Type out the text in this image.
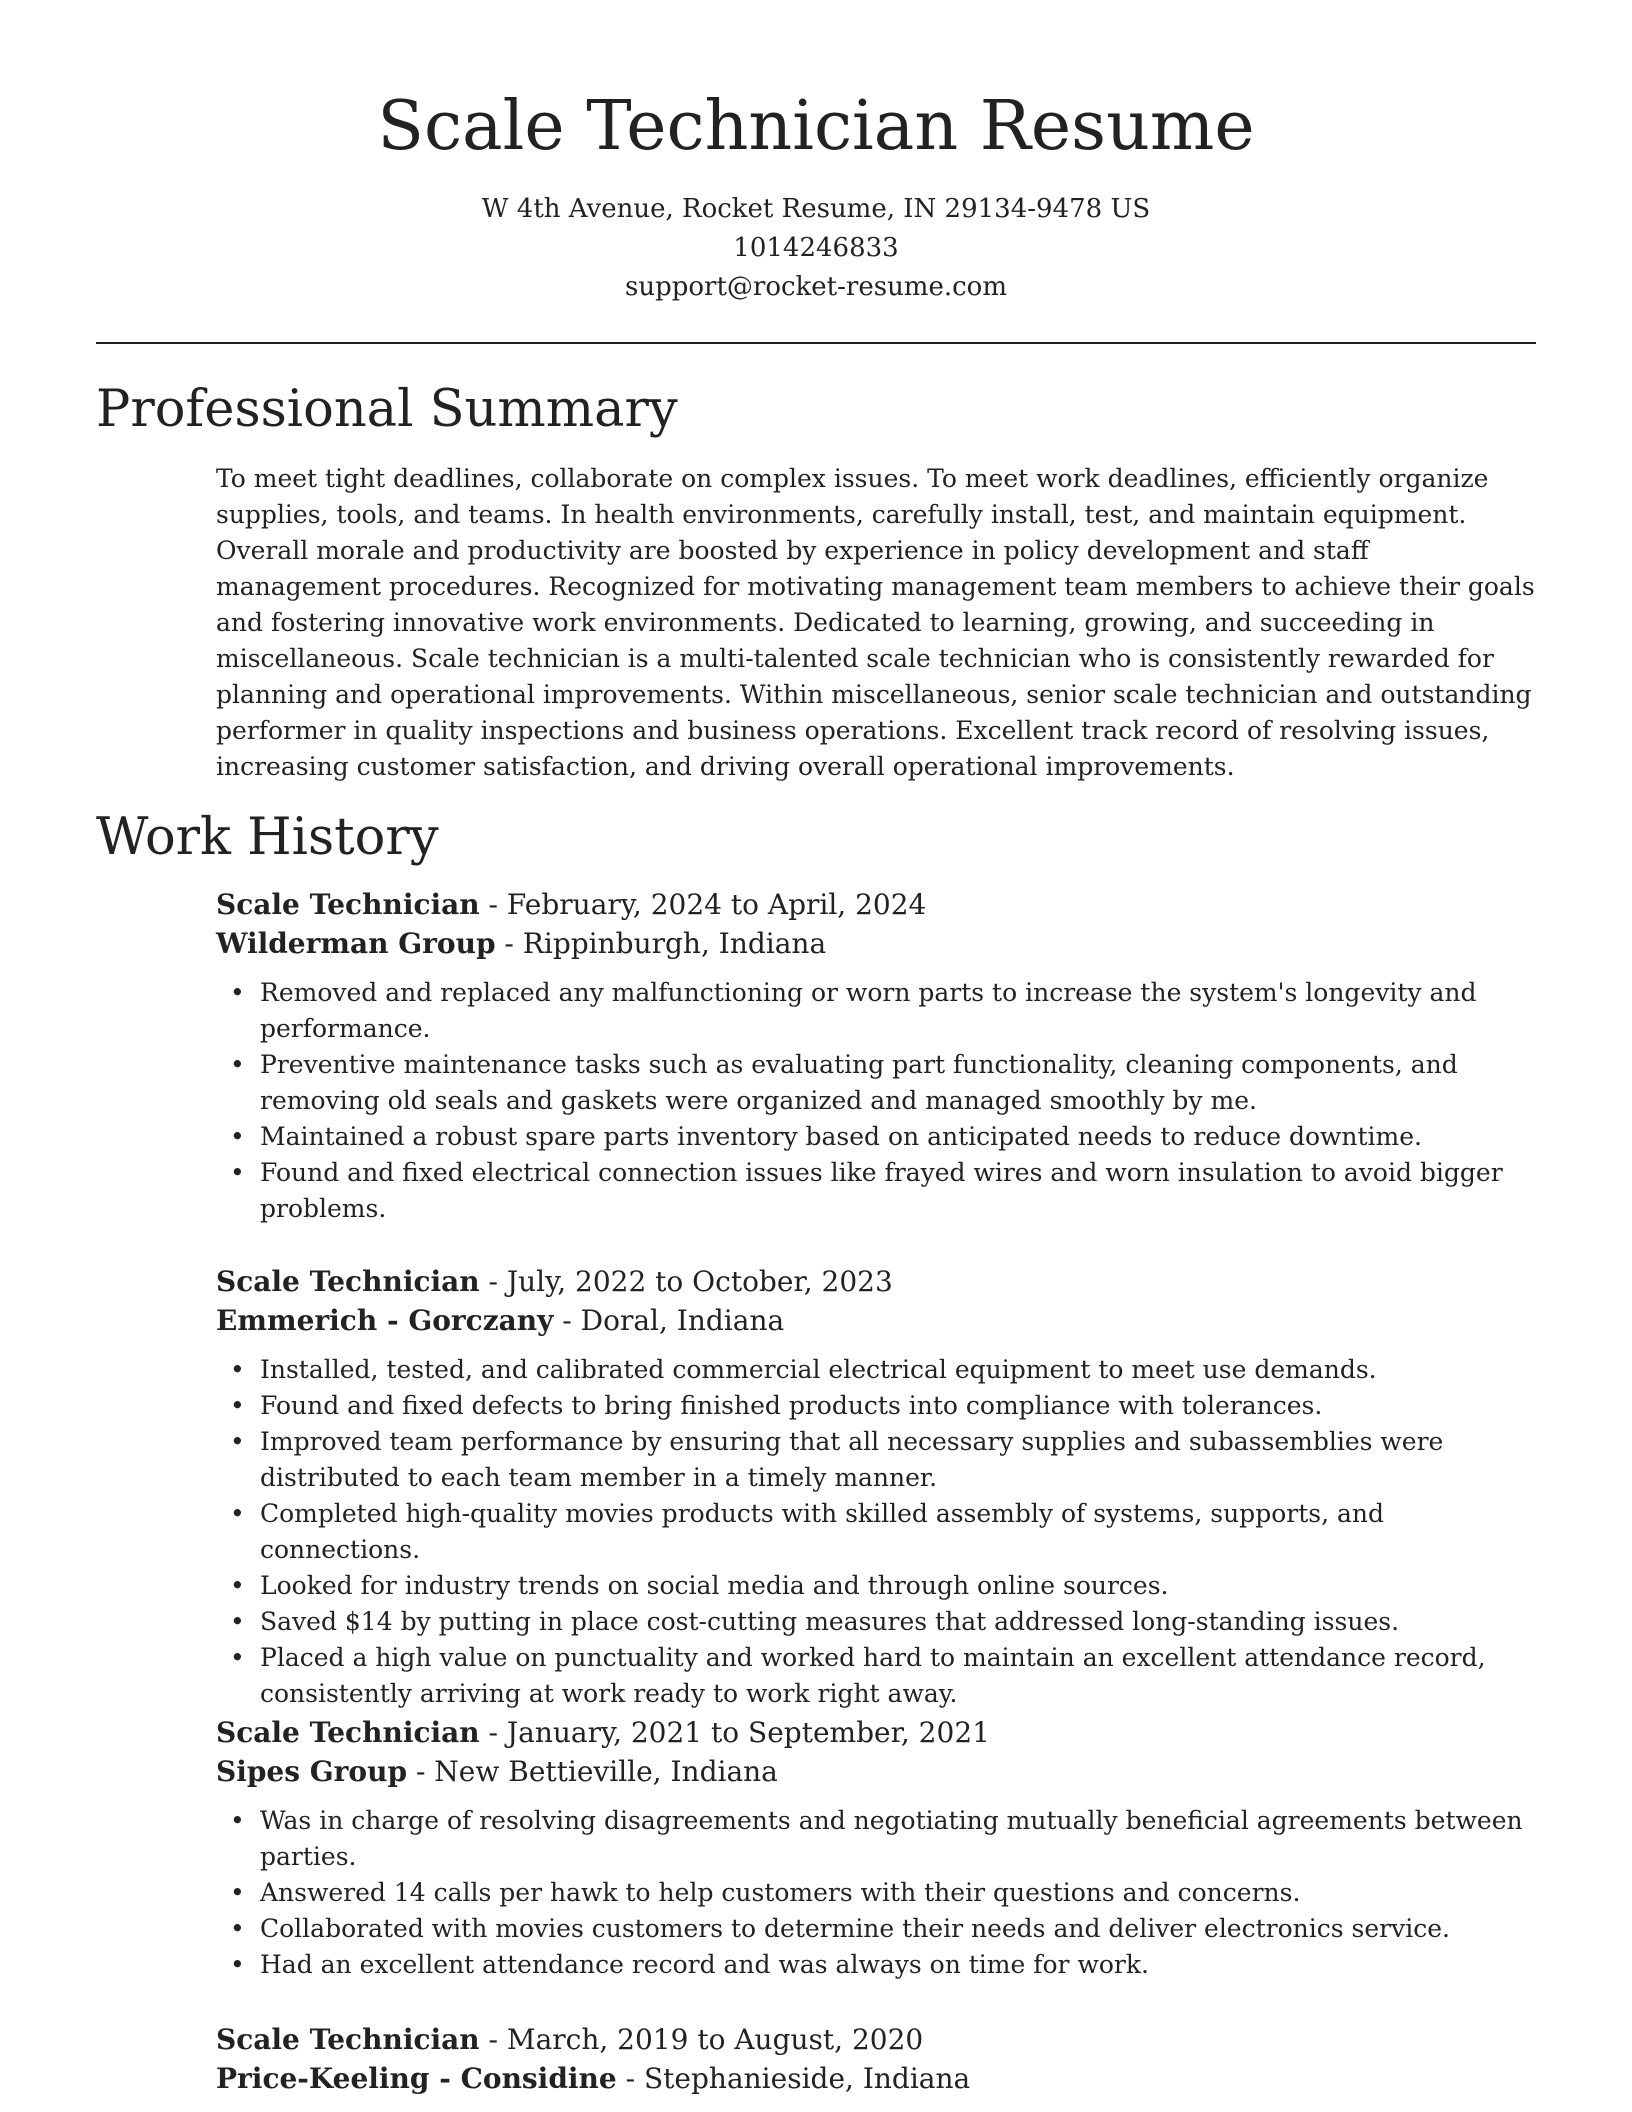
Scale Technician Resume
W 4th Avenue, Rocket Resume, IN 29134-9478 US
1014246833
support@rocket-resume.com
Professional Summary

To meet tight deadlines, collaborate on complex issues. To meet work deadlines, efficiently organize supplies, tools, and teams. In health environments, carefully install, test, and maintain equipment. Overall morale and productivity are boosted by experience in policy development and staff management procedures. Recognized for motivating management team members to achieve their goals and fostering innovative work environments. Dedicated to learning, growing, and succeeding in miscellaneous. Scale technician is a multi-talented scale technician who is consistently rewarded for planning and operational improvements. Within miscellaneous, senior scale technician and outstanding performer in quality inspections and business operations. Excellent track record of resolving issues, increasing customer satisfaction, and driving overall operational improvements.

Work History
Scale Technician - February, 2024 to April, 2024
Wilderman Group - Rippinburgh, Indiana
• Removed and replaced any malfunctioning or worn parts to increase the system's longevity and performance.
• Preventive maintenance tasks such as evaluating part functionality, cleaning components, and removing old seals and gaskets were organized and managed smoothly by me.
• Maintained a robust spare parts inventory based on anticipated needs to reduce downtime.
• Found and fixed electrical connection issues like frayed wires and worn insulation to avoid bigger problems.
Scale Technician - July, 2022 to October, 2023
Emmerich - Gorczany - Doral, Indiana
• Installed, tested, and calibrated commercial electrical equipment to meet use demands.
• Found and fixed defects to bring finished products into compliance with tolerances.
• Improved team performance by ensuring that all necessary supplies and subassemblies were distributed to each team member in a timely manner.
• Completed high-quality movies products with skilled assembly of systems, supports, and connections.
• Looked for industry trends on social media and through online sources.
• Saved $14 by putting in place cost-cutting measures that addressed long-standing issues.
• Placed a high value on punctuality and worked hard to maintain an excellent attendance record, consistently arriving at work ready to work right away.
Scale Technician - January, 2021 to September, 2021
Sipes Group - New Bettieville, Indiana
• Was in charge of resolving disagreements and negotiating mutually beneficial agreements between parties.
• Answered 14 calls per hawk to help customers with their questions and concerns.
• Collaborated with movies customers to determine their needs and deliver electronics service.
• Had an excellent attendance record and was always on time for work.
Scale Technician - March, 2019 to August, 2020
Price-Keeling - Considine - Stephanieside, Indiana
